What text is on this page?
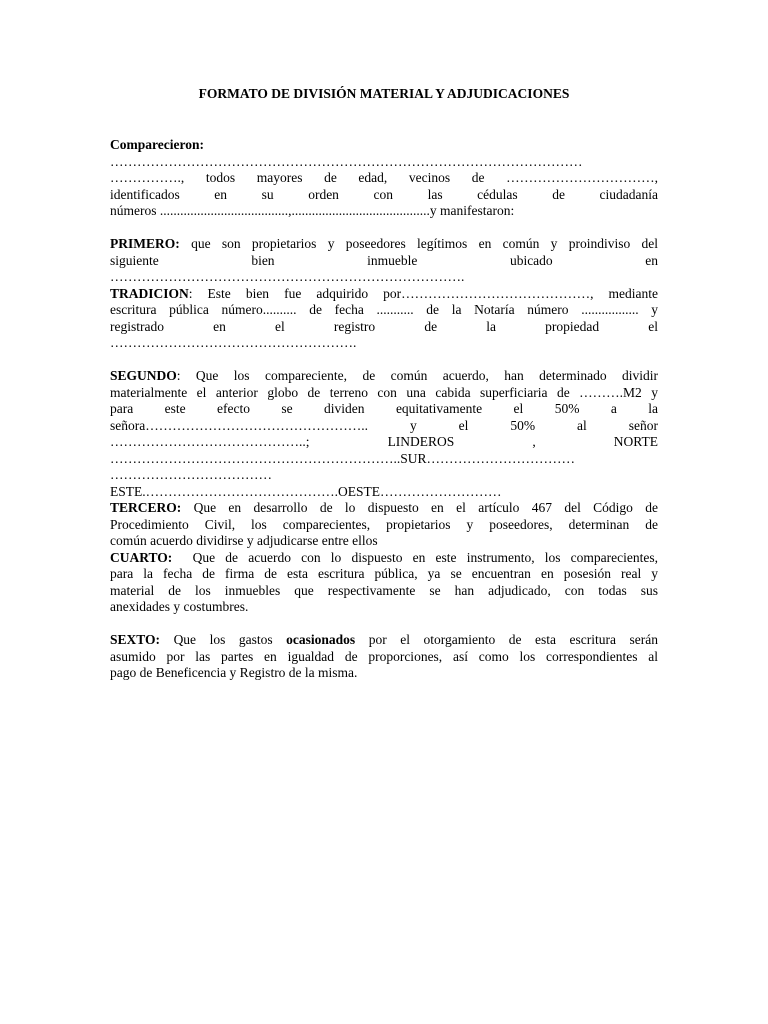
FORMATO DE DIVISIÓN MATERIAL Y ADJUDICACIONES
Comparecieron:
……………………………………………………………………………………………
……………., todos mayores de edad, vecinos de ……………………………,
identificados en su orden con las cédulas de ciudadanía
números ......................................,.........................................y manifestaron:
PRIMERO: que son propietarios y poseedores legítimos en común y proindiviso del
siguiente bien inmueble ubicado en
…………………………………………………………………….
TRADICION: Este bien fue adquirido por……………………………………, mediante
escritura pública número.......... de fecha ........... de la Notaría número ................. y
registrado en el registro de la propiedad el
……………………………………………….
SEGUNDO: Que los compareciente, de común acuerdo, han determinado dividir
materialmente el anterior globo de terreno con una cabida superficiaria de ……….M2 y
para este efecto se dividen equitativamente el 50% a la
señora………………………………………….. y el 50% al señor
……………………………………..; LINDEROS , NORTE
………………………………………………………..SUR……………………………
………………………………
ESTE.…………………………………….OESTE………………………
TERCERO: Que en desarrollo de lo dispuesto en el artículo 467 del Código de
Procedimiento Civil, los comparecientes, propietarios y poseedores, determinan de
común acuerdo dividirse y adjudicarse entre ellos
CUARTO: Que de acuerdo con lo dispuesto en este instrumento, los comparecientes,
para la fecha de firma de esta escritura pública, ya se encuentran en posesión real y
material de los inmuebles que respectivamente se han adjudicado, con todas sus
anexidades y costumbres.
SEXTO: Que los gastos ocasionados por el otorgamiento de esta escritura serán
asumido por las partes en igualdad de proporciones, así como los correspondientes al
pago de Beneficencia y Registro de la misma.
